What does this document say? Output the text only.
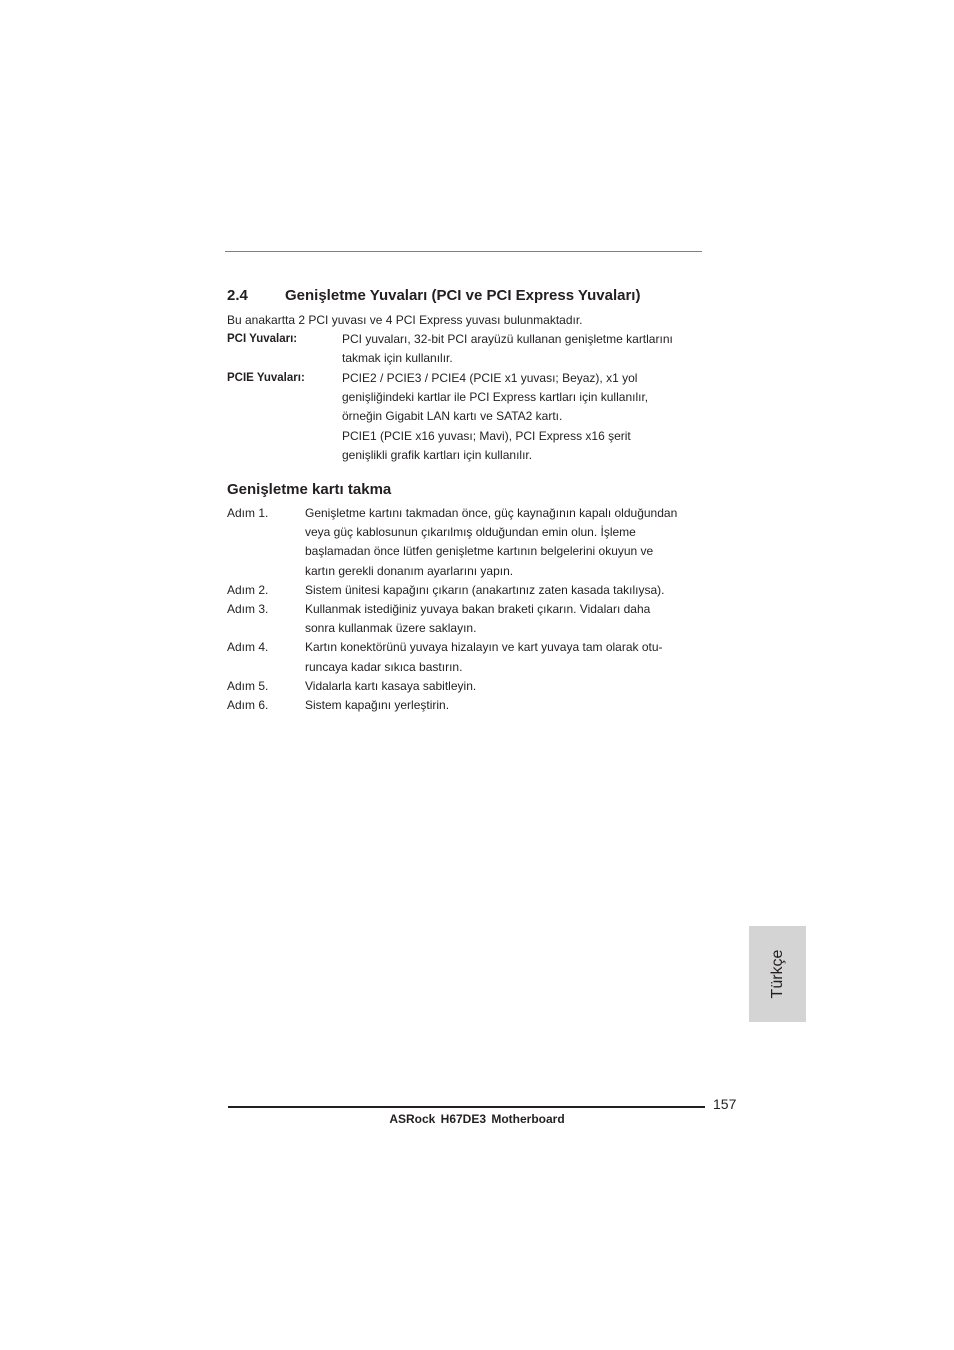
2.4 Genişletme Yuvaları (PCI ve PCI Express Yuvaları)
Bu anakartta 2 PCI yuvası ve 4 PCI Express yuvası bulunmaktadır.
PCI Yuvaları:	PCI yuvaları, 32-bit PCI arayüzü kullanan genişletme kartlarını
takmak için kullanılır.
PCIE Yuvaları:	PCIE2 / PCIE3 / PCIE4 (PCIE x1 yuvası; Beyaz), x1 yol
genişliğindeki kartlar ile PCI Express kartları için kullanılır,
örneğin Gigabit LAN kartı ve SATA2 kartı.
PCIE1 (PCIE x16 yuvası; Mavi), PCI Express x16 şerit
genişlikli grafik kartları için kullanılır.
Genişletme kartı takma
Adım 1.	Genişletme kartını takmadan önce, güç kaynağının kapalı olduğundan
veya güç kablosunun çıkarılmış olduğundan emin olun. İşleme
başlamadan önce lütfen genişletme kartının belgelerini okuyun ve
kartın gerekli donanım ayarlarını yapın.
Adım 2.	Sistem ünitesi kapağını çıkarın (anakartınız zaten kasada takılıysa).
Adım 3.	Kullanmak istediğiniz yuvaya bakan braketi çıkarın. Vidaları daha
sonra kullanmak üzere saklayın.
Adım 4.	Kartın konektörünü yuvaya hizalayın ve kart yuvaya tam olarak otu-
runcaya kadar sıkıca bastırın.
Adım 5.	Vidalarla kartı kasaya sabitleyin.
Adım 6.	Sistem kapağını yerleştirin.
Türkçe
157
ASRock H67DE3 Motherboard
